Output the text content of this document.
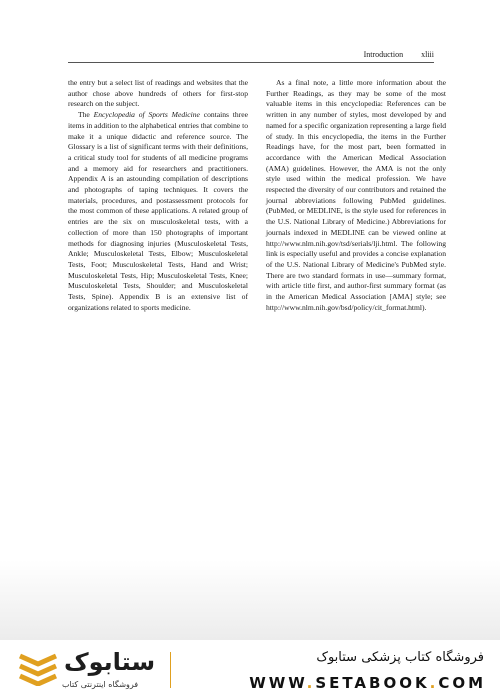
Introduction xliii

the entry but a select list of readings and websites that the author chose above hundreds of others for first-stop research on the subject.

The Encyclopedia of Sports Medicine contains three items in addition to the alphabetical entries that combine to make it a unique didactic and reference source. The Glossary is a list of significant terms with their definitions, a critical study tool for students of all medicine programs and a memory aid for researchers and practitioners. Appendix A is an astounding compilation of descriptions and photographs of taping techniques. It covers the materials, procedures, and postassessment protocols for the most common of these applications. A related group of entries are the six on musculoskeletal tests, with a collection of more than 150 photographs of important methods for diagnosing injuries (Musculoskeletal Tests, Ankle; Musculoskeletal Tests, Elbow; Musculoskeletal Tests, Foot; Musculoskeletal Tests, Hand and Wrist; Musculoskeletal Tests, Hip; Musculoskeletal Tests, Knee; Musculoskeletal Tests, Shoulder; and Musculoskeletal Tests, Spine). Appendix B is an extensive list of organizations related to sports medicine.

As a final note, a little more information about the Further Readings, as they may be some of the most valuable items in this encyclopedia: References can be written in any number of styles, most developed by and named for a specific organization representing a large field of study. In this encyclopedia, the items in the Further Readings have, for the most part, been formatted in accordance with the American Medical Association (AMA) guidelines. However, the AMA is not the only style used within the medical profession. We have respected the diversity of our contributors and retained the journal abbreviations following PubMed guidelines. (PubMed, or MEDLINE, is the style used for references in the U.S. National Library of Medicine.) Abbreviations for journals indexed in MEDLINE can be viewed online at http://www.nlm.nih.gov/tsd/serials/lji.html. The following link is especially useful and provides a concise explanation of the U.S. National Library of Medicine's PubMed style. There are two standard formats in use—summary format, with article title first, and author-first summary format (as in the American Medical Association [AMA] style; see http://www.nlm.nih.gov/bsd/policy/cit_format.html).

ستابوک
فروشگاه اینترنتی کتاب
فروشگاه کتاب پزشکی ستابوک
WWW.SETABOOK.COM
